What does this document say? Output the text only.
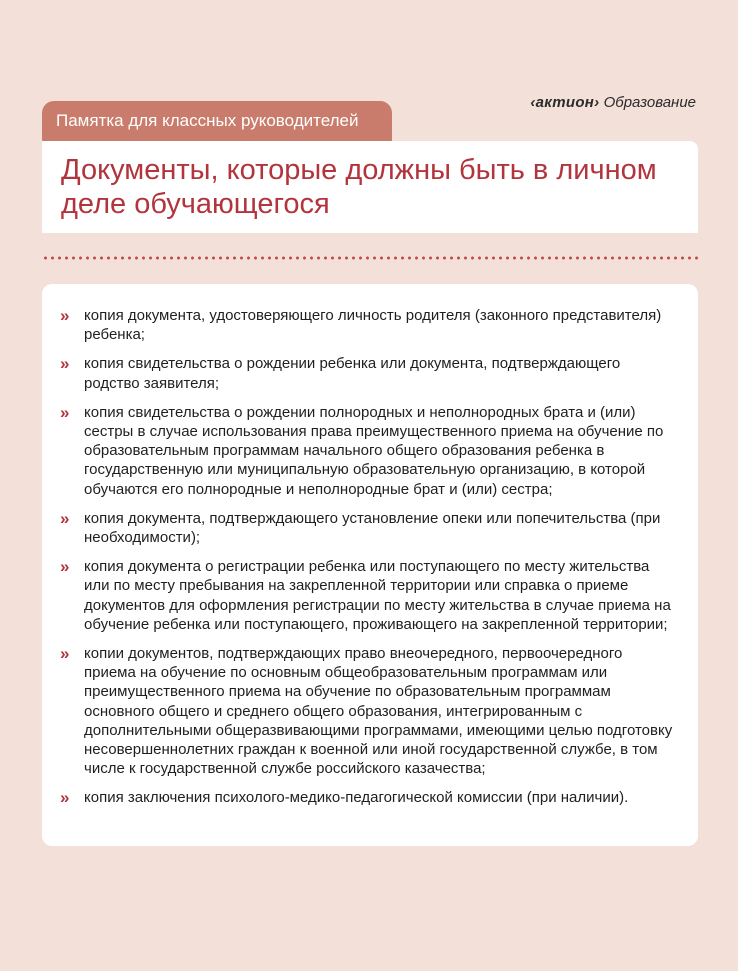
Памятка для классных руководителей
‹актион› Образование
Документы, которые должны быть в личном деле обучающегося
» копия документа, удостоверяющего личность родителя (законного представителя) ребенка;
» копия свидетельства о рождении ребенка или документа, подтверждающего родство заявителя;
» копия свидетельства о рождении полнородных и неполнородных брата и (или) сестры в случае использования права преимущественного приема на обучение по образовательным программам начального общего образования ребенка в государственную или муниципальную образовательную организацию, в которой обучаются его полнородные и неполнородные брат и (или) сестра;
» копия документа, подтверждающего установление опеки или попечительства (при необходимости);
» копия документа о регистрации ребенка или поступающего по месту жительства или по месту пребывания на закрепленной территории или справка о приеме документов для оформления регистрации по месту жительства в случае приема на обучение ребенка или поступающего, проживающего на закрепленной территории;
» копии документов, подтверждающих право внеочередного, первоочередного приема на обучение по основным общеобразовательным программам или преимущественного приема на обучение по образовательным программам основного общего и среднего общего образования, интегрированным с дополнительными общеразвивающими программами, имеющими целью подготовку несовершеннолетних граждан к военной или иной государственной службе, в том числе к государственной службе российского казачества;
» копия заключения психолого-медико-педагогической комиссии (при наличии).
